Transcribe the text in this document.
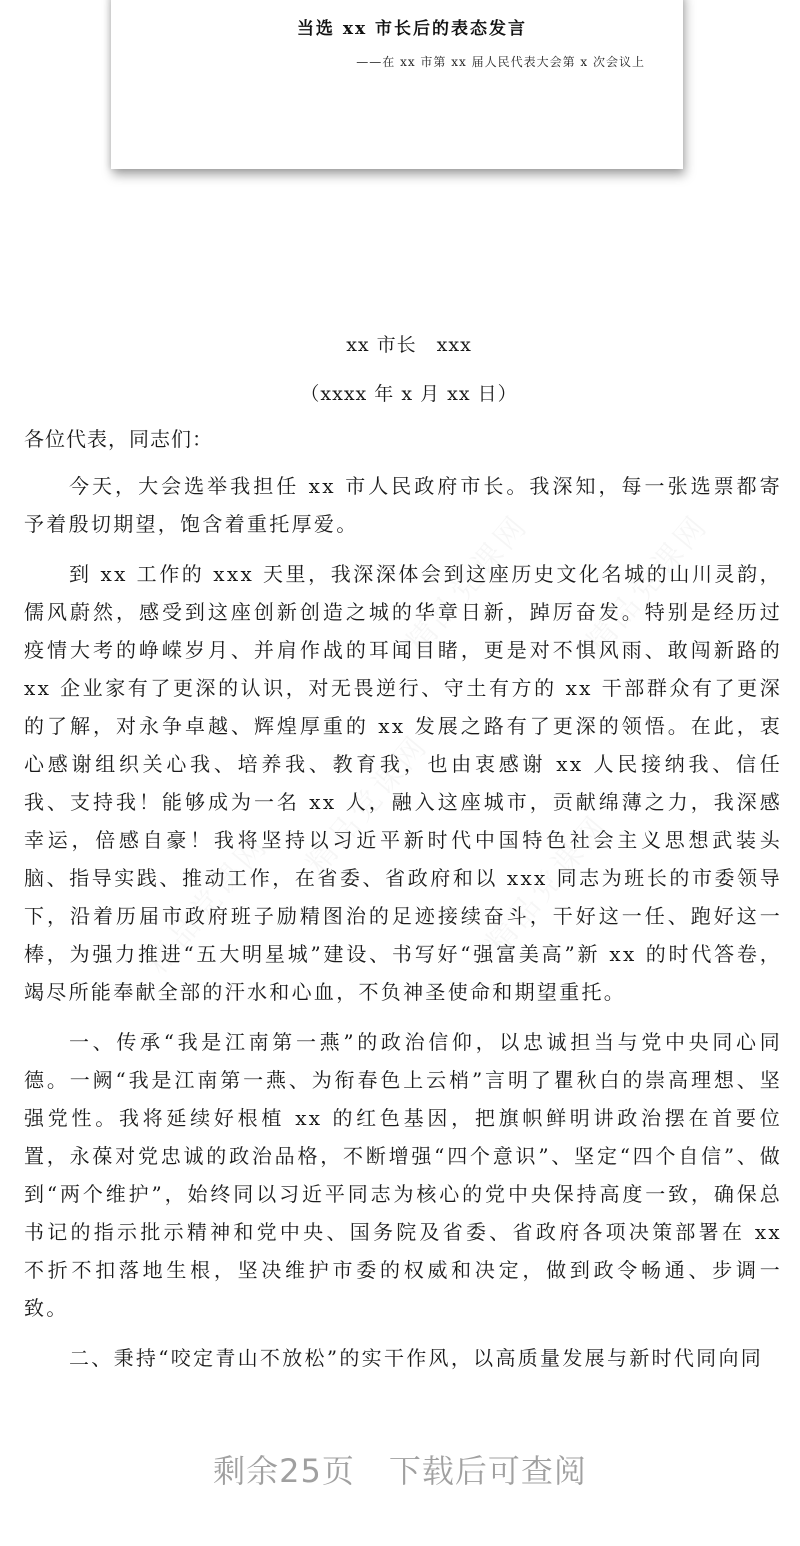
当选 xx 市长后的表态发言
——在 xx 市第 xx 届人民代表大会第 x 次会议上
xx 市长　xxx
（xxxx 年 x 月 xx 日）
各位代表，同志们：

今天，大会选举我担任 xx 市人民政府市长。我深知，每一张选票都寄予着殷切期望，饱含着重托厚爱。

到 xx 工作的 xxx 天里，我深深体会到这座历史文化名城的山川灵韵，儒风蔚然，感受到这座创新创造之城的华章日新，踔厉奋发。特别是经历过疫情大考的峥嵘岁月、并肩作战的耳闻目睹，更是对不惧风雨、敢闯新路的 xx 企业家有了更深的认识，对无畏逆行、守土有方的 xx 干部群众有了更深的了解，对永争卓越、辉煌厚重的 xx 发展之路有了更深的领悟。在此，衷心感谢组织关心我、培养我、教育我，也由衷感谢 xx 人民接纳我、信任我、支持我！能够成为一名 xx 人，融入这座城市，贡献绵薄之力，我深感幸运，倍感自豪！我将坚持以习近平新时代中国特色社会主义思想武装头脑、指导实践、推动工作，在省委、省政府和以 xxx 同志为班长的市委领导下，沿着历届市政府班子励精图治的足迹接续奋斗，干好这一任、跑好这一棒，为强力推进“五大明星城”建设、书写好“强富美高”新 xx 的时代答卷，竭尽所能奉献全部的汗水和心血，不负神圣使命和期望重托。

一、传承“我是江南第一燕”的政治信仰，以忠诚担当与党中央同心同德。一阙“我是江南第一燕、为衔春色上云梢”言明了瞿秋白的崇高理想、坚强党性。我将延续好根植 xx 的红色基因，把旗帜鲜明讲政治摆在首要位置，永葆对党忠诚的政治品格，不断增强“四个意识”、坚定“四个自信”、做到“两个维护”，始终同以习近平同志为核心的党中央保持高度一致，确保总书记的指示批示精神和党中央、国务院及省委、省政府各项决策部署在 xx 不折不扣落地生根，坚决维护市委的权威和决定，做到政令畅通、步调一致。

二、秉持“咬定青山不放松”的实干作风，以高质量发展与新时代同向同

剩余25页 下载后可查阅
